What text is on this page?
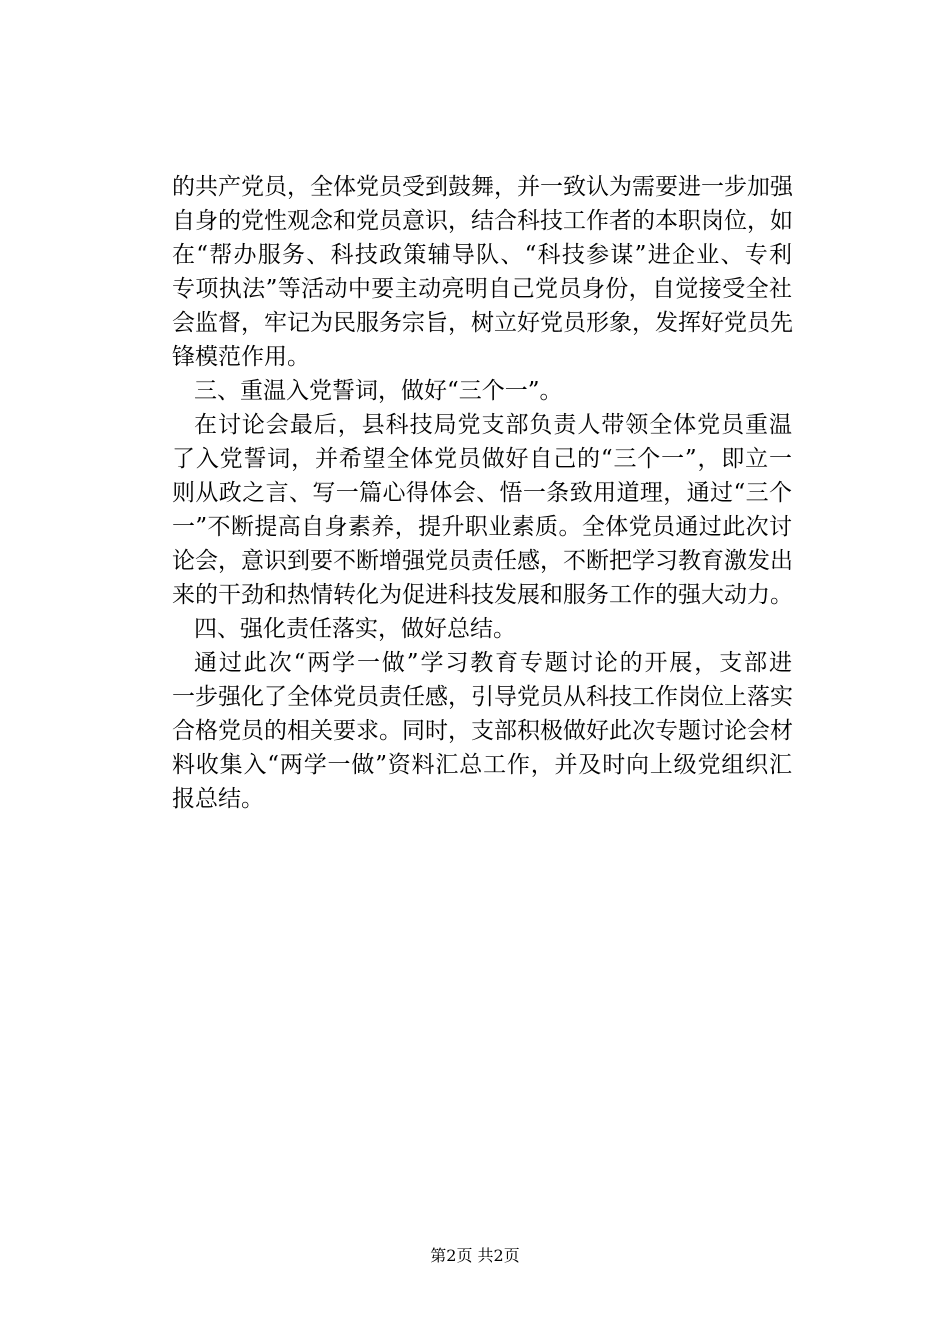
的共产党员，全体党员受到鼓舞，并一致认为需要进一步加强
自身的党性观念和党员意识，结合科技工作者的本职岗位，如
在“帮办服务、科技政策辅导队、“科技参谋”进企业、专利
专项执法”等活动中要主动亮明自己党员身份，自觉接受全社
会监督，牢记为民服务宗旨，树立好党员形象，发挥好党员先
锋模范作用。
三、重温入党誓词，做好“三个一”。
在讨论会最后，县科技局党支部负责人带领全体党员重温
了入党誓词，并希望全体党员做好自己的“三个一”，即立一
则从政之言、写一篇心得体会、悟一条致用道理，通过“三个
一”不断提高自身素养，提升职业素质。全体党员通过此次讨
论会，意识到要不断增强党员责任感，不断把学习教育激发出
来的干劲和热情转化为促进科技发展和服务工作的强大动力。
四、强化责任落实，做好总结。
通过此次“两学一做”学习教育专题讨论的开展，支部进
一步强化了全体党员责任感，引导党员从科技工作岗位上落实
合格党员的相关要求。同时，支部积极做好此次专题讨论会材
料收集入“两学一做”资料汇总工作，并及时向上级党组织汇
报总结。
第2页 共2页
